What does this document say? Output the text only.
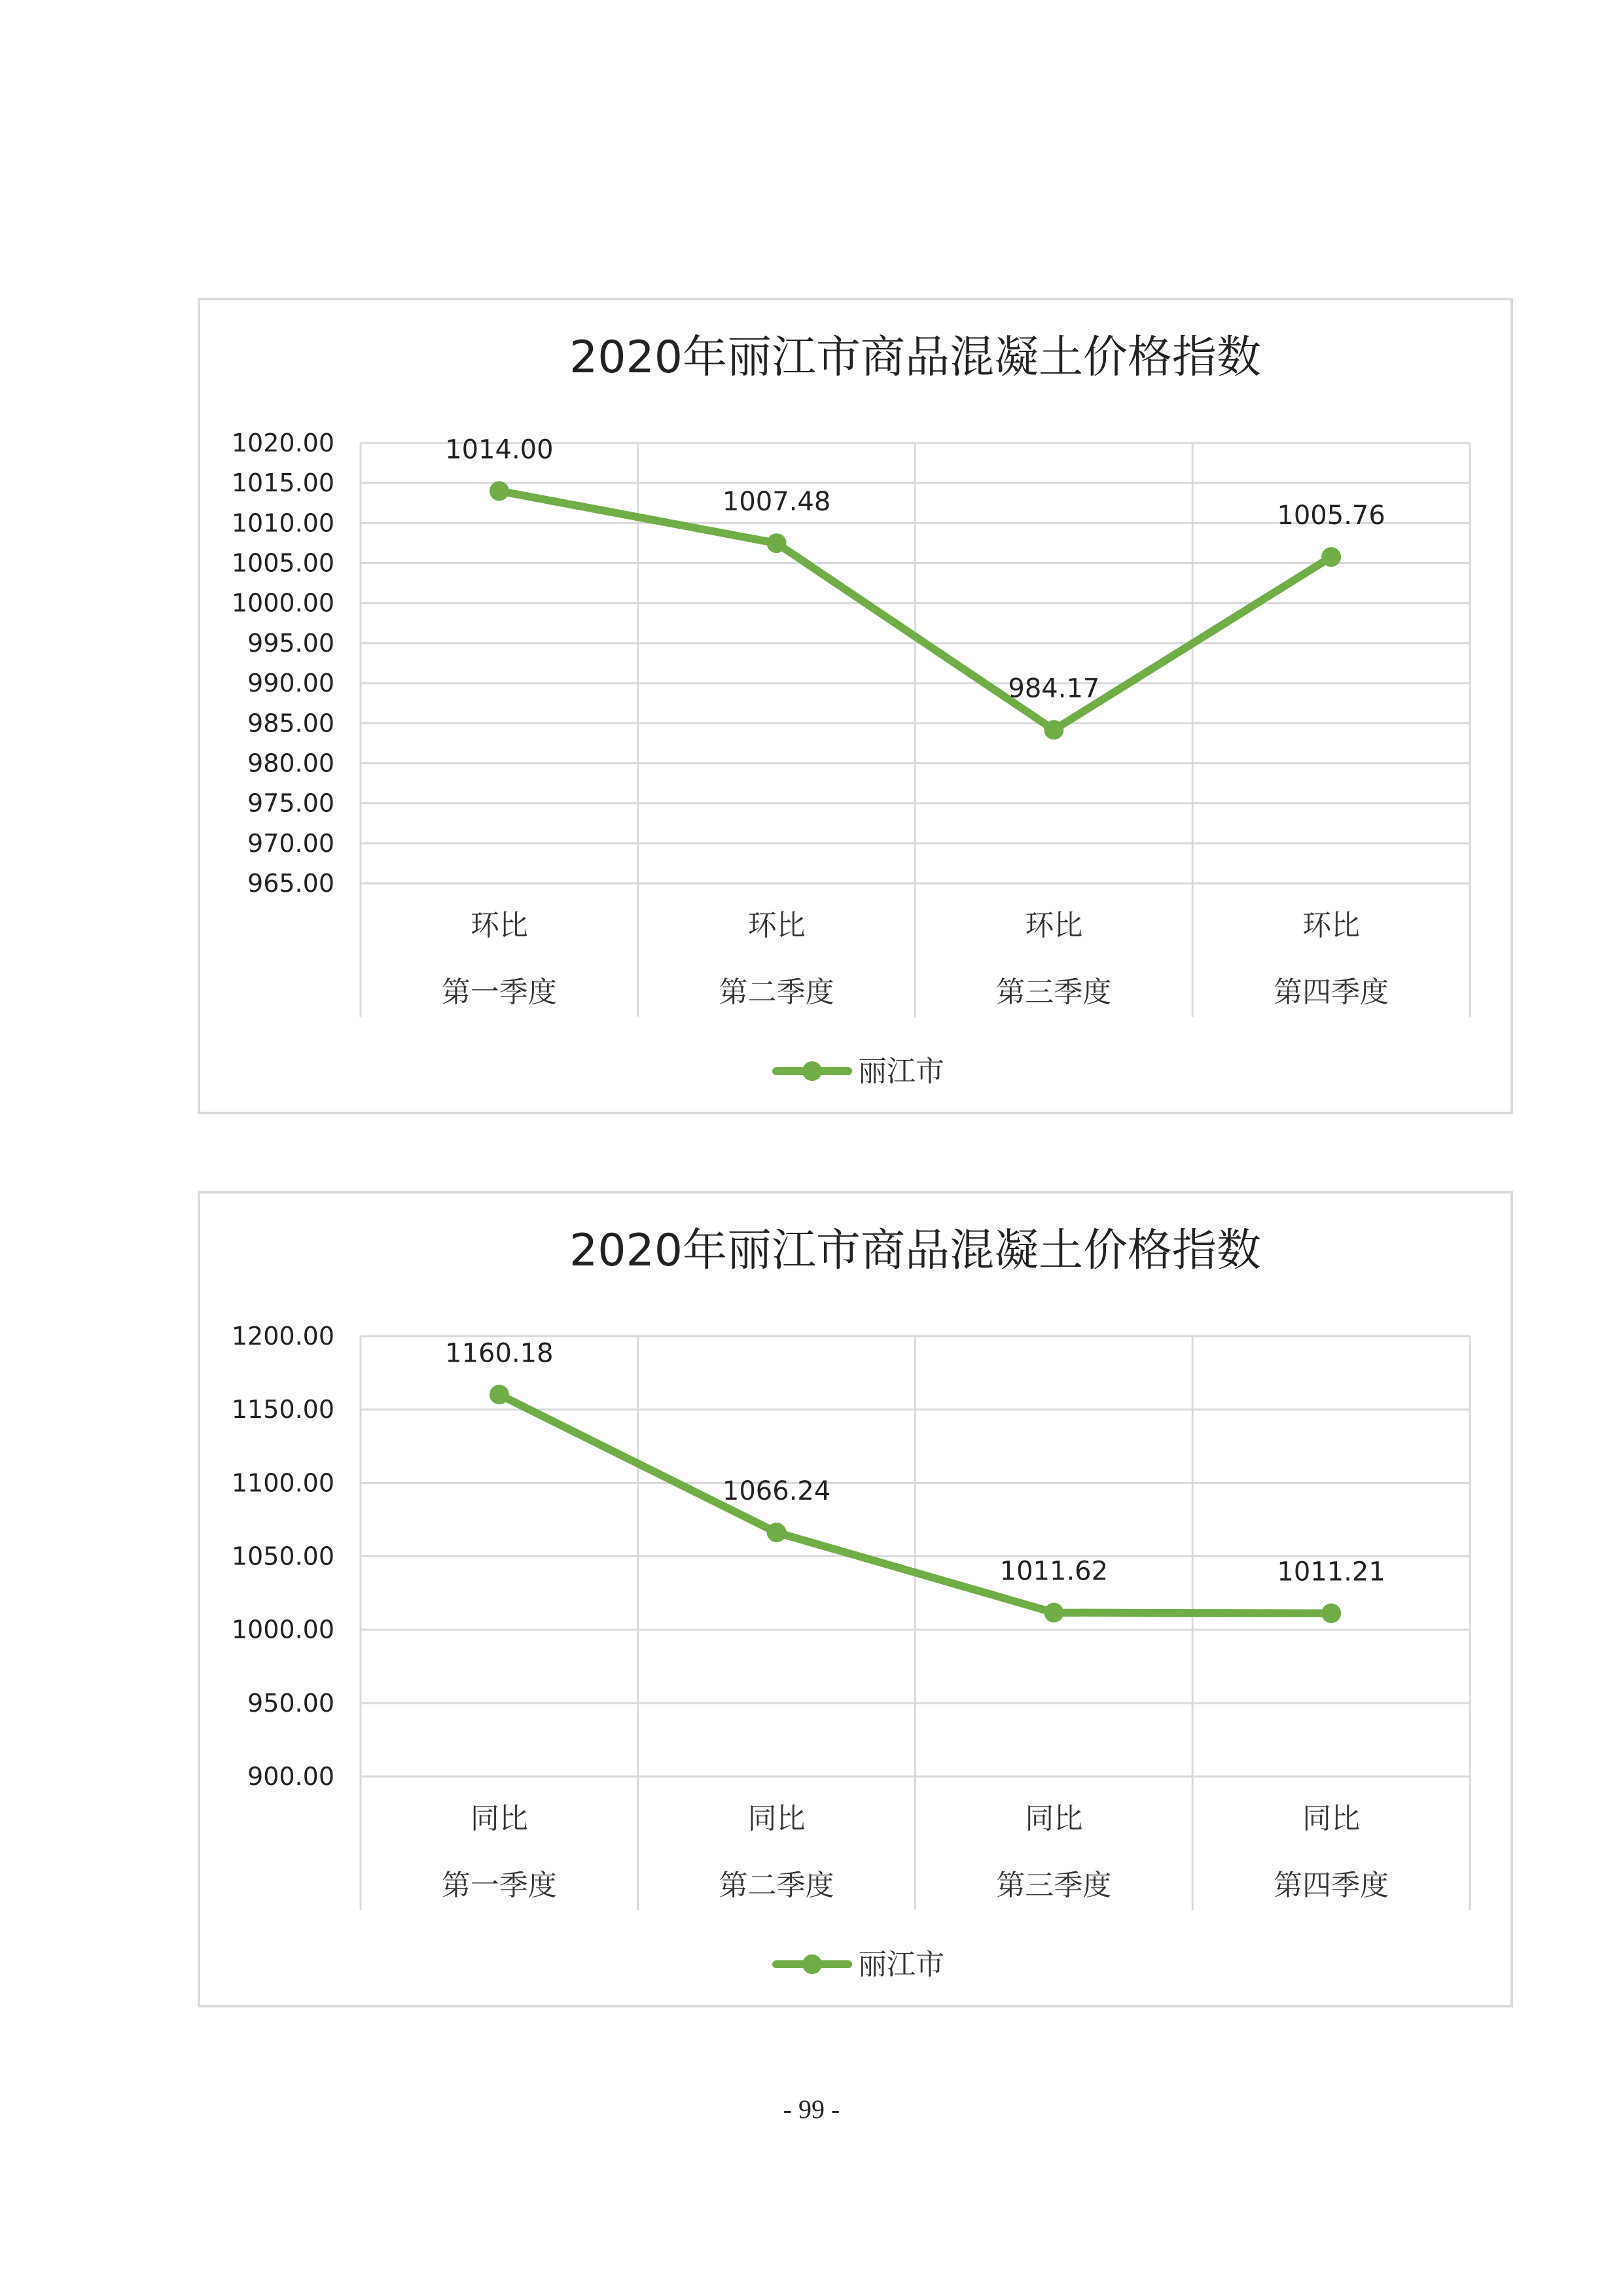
2020年丽江市商品混凝土价格指数
1020.00
1015.00
1010.00
1005.00
1000.00
995.00
990.00
985.00
980.00
975.00
970.00
965.00
环比
第一季度
环比
第二季度
环比
第三季度
环比
第四季度
1014.00
1007.48
984.17
1005.76
丽江市
2020年丽江市商品混凝土价格指数
1200.00
1150.00
1100.00
1050.00
1000.00
950.00
900.00
同比
第一季度
同比
第二季度
同比
第三季度
同比
第四季度
1160.18
1066.24
1011.62	1011.21
丽江市
- 99 -
